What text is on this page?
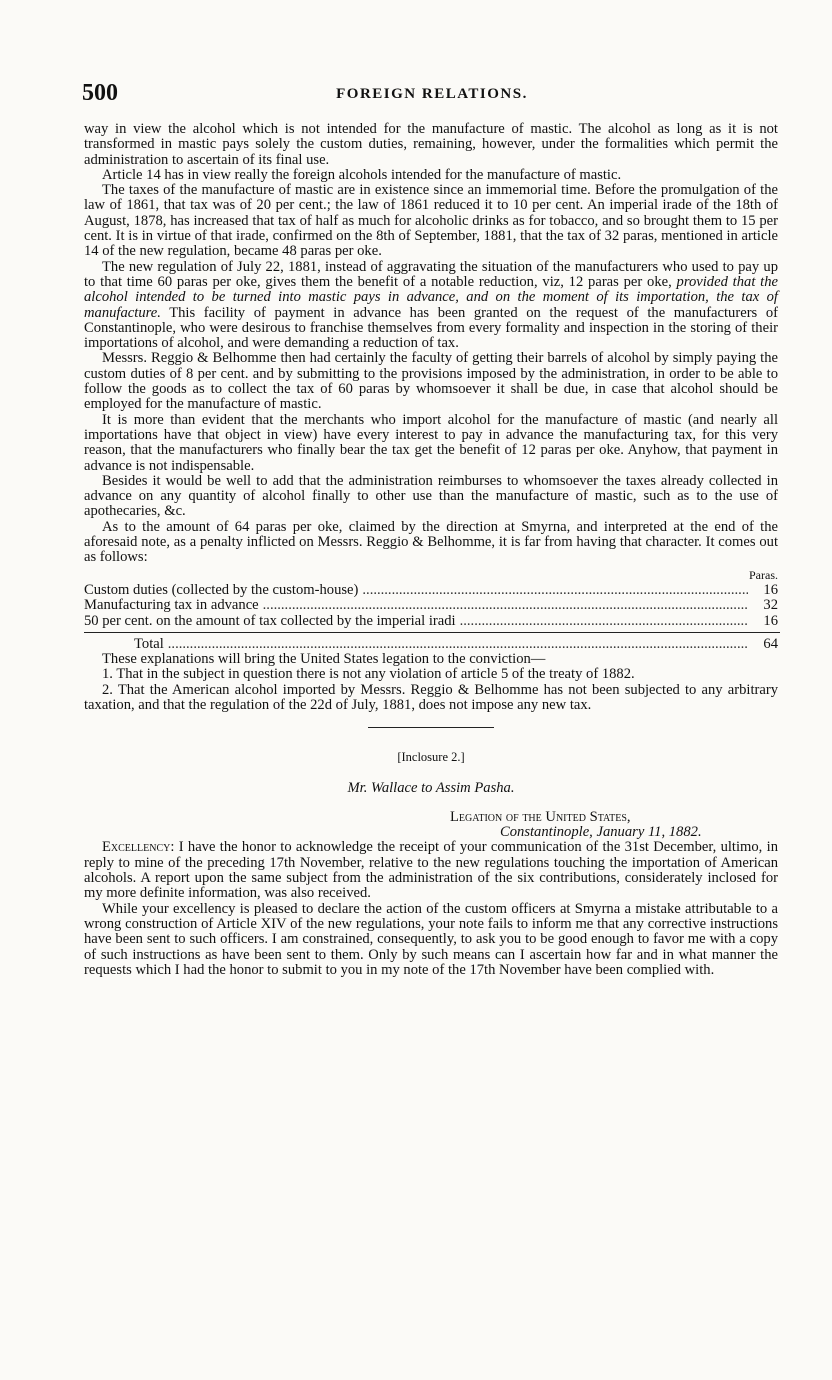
500	FOREIGN RELATIONS.

way in view the alcohol which is not intended for the manufacture of mastic. The alcohol as long as it is not transformed in mastic pays solely the custom duties, remaining, however, under the formalities which permit the administration to ascertain of its final use.

Article 14 has in view really the foreign alcohols intended for the manufacture of mastic.

The taxes of the manufacture of mastic are in existence since an immemorial time. Before the promulgation of the law of 1861, that tax was of 20 per cent.; the law of 1861 reduced it to 10 per cent. An imperial irade of the 18th of August, 1878, has increased that tax of half as much for alcoholic drinks as for tobacco, and so brought them to 15 per cent. It is in virtue of that irade, confirmed on the 8th of September, 1881, that the tax of 32 paras, mentioned in article 14 of the new regulation, became 48 paras per oke.

The new regulation of July 22, 1881, instead of aggravating the situation of the manufacturers who used to pay up to that time 60 paras per oke, gives them the benefit of a notable reduction, viz, 12 paras per oke, provided that the alcohol intended to be turned into mastic pays in advance, and on the moment of its importation, the tax of manufacture. This facility of payment in advance has been granted on the request of the manufacturers of Constantinople, who were desirous to franchise themselves from every formality and inspection in the storing of their importations of alcohol, and were demanding a reduction of tax.

Messrs. Reggio & Belhomme then had certainly the faculty of getting their barrels of alcohol by simply paying the custom duties of 8 per cent. and by submitting to the provisions imposed by the administration, in order to be able to follow the goods as to collect the tax of 60 paras by whomsoever it shall be due, in case that alcohol should be employed for the manufacture of mastic.

It is more than evident that the merchants who import alcohol for the manufacture of mastic (and nearly all importations have that object in view) have every interest to pay in advance the manufacturing tax, for this very reason, that the manufacturers who finally bear the tax get the benefit of 12 paras per oke. Anyhow, that payment in advance is not indispensable.

Besides it would be well to add that the administration reimburses to whomsoever the taxes already collected in advance on any quantity of alcohol finally to other use than the manufacture of mastic, such as to the use of apothecaries, &c.

As to the amount of 64 paras per oke, claimed by the direction at Smyrna, and interpreted at the end of the aforesaid note, as a penalty inflicted on Messrs. Reggio & Belhomme, it is far from having that character. It comes out as follows:

Paras.
Custom duties (collected by the custom-house) .....	16
Manufacturing tax in advance .....	32
50 per cent. on the amount of tax collected by the imperial iradi .....	16
Total .....	64

These explanations will bring the United States legation to the conviction—

1. That in the subject in question there is not any violation of article 5 of the treaty of 1882.

2. That the American alcohol imported by Messrs. Reggio & Belhomme has not been subjected to any arbitrary taxation, and that the regulation of the 22d of July, 1881, does not impose any new tax.

[Inclosure 2.]
Mr. Wallace to Assim Pasha.
Legation of the United States,
Constantinople, January 11, 1882.

Excellency: I have the honor to acknowledge the receipt of your communication of the 31st December, ultimo, in reply to mine of the preceding 17th November, relative to the new regulations touching the importation of American alcohols. A report upon the same subject from the administration of the six contributions, considerately inclosed for my more definite information, was also received.

While your excellency is pleased to declare the action of the custom officers at Smyrna a mistake attributable to a wrong construction of Article XIV of the new regulations, your note fails to inform me that any corrective instructions have been sent to such officers. I am constrained, consequently, to ask you to be good enough to favor me with a copy of such instructions as have been sent to them. Only by such means can I ascertain how far and in what manner the requests which I had the honor to submit to you in my note of the 17th November have been complied with.
